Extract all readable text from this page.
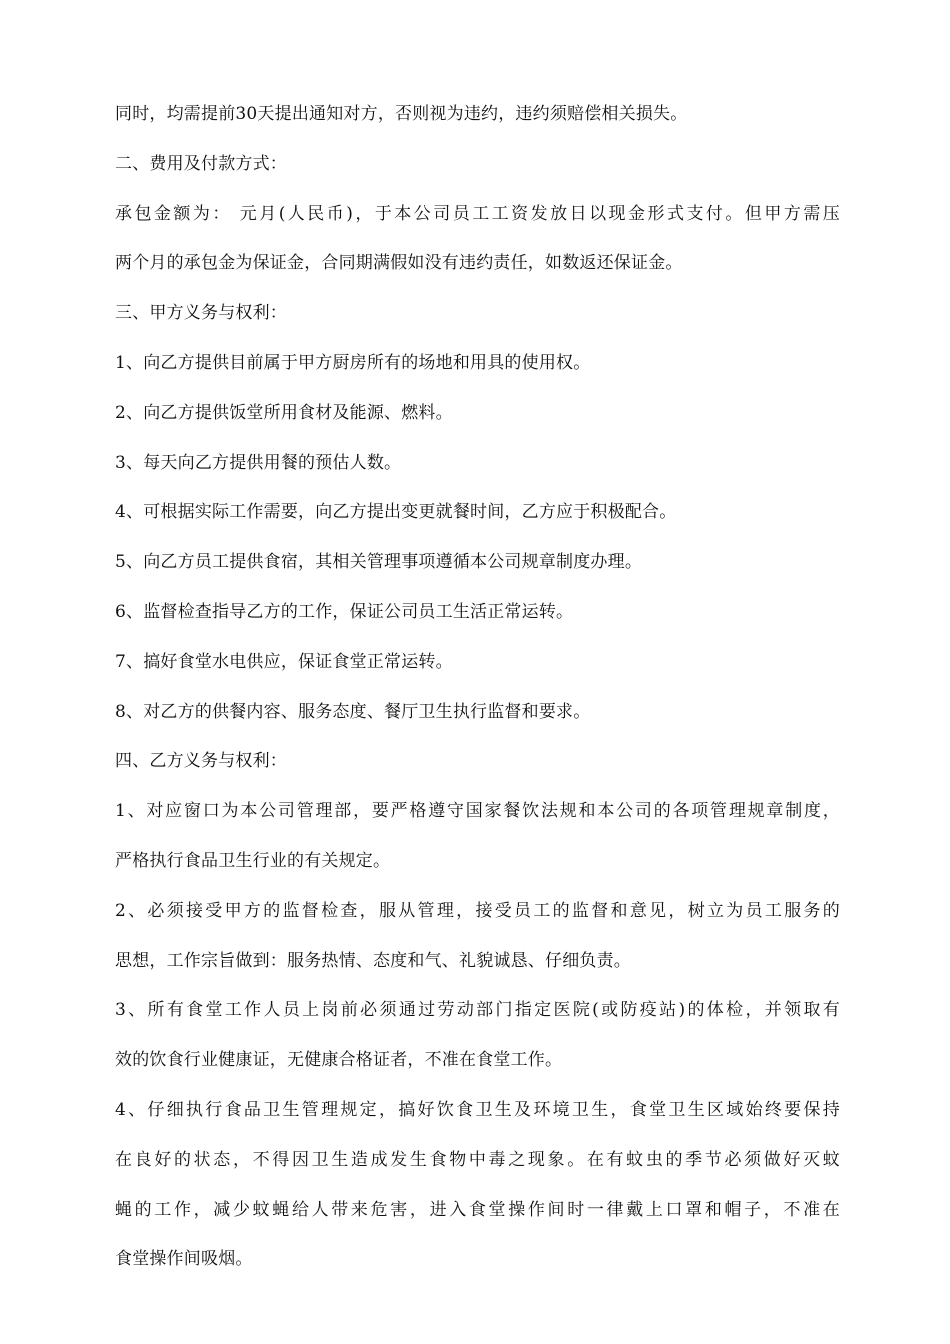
同时，均需提前30天提出通知对方，否则视为违约，违约须赔偿相关损失。
二、费用及付款方式：
承包金额为： 元月(人民币)，于本公司员工工资发放日以现金形式支付。但甲方需压
两个月的承包金为保证金，合同期满假如没有违约责任，如数返还保证金。
三、甲方义务与权利：
1、向乙方提供目前属于甲方厨房所有的场地和用具的使用权。
2、向乙方提供饭堂所用食材及能源、燃料。
3、每天向乙方提供用餐的预估人数。
4、可根据实际工作需要，向乙方提出变更就餐时间，乙方应于积极配合。
5、向乙方员工提供食宿，其相关管理事项遵循本公司规章制度办理。
6、监督检查指导乙方的工作，保证公司员工生活正常运转。
7、搞好食堂水电供应，保证食堂正常运转。
8、对乙方的供餐内容、服务态度、餐厅卫生执行监督和要求。
四、乙方义务与权利：
1、对应窗口为本公司管理部，要严格遵守国家餐饮法规和本公司的各项管理规章制度，
严格执行食品卫生行业的有关规定。
2、必须接受甲方的监督检查，服从管理，接受员工的监督和意见，树立为员工服务的
思想，工作宗旨做到：服务热情、态度和气、礼貌诚恳、仔细负责。
3、所有食堂工作人员上岗前必须通过劳动部门指定医院(或防疫站)的体检，并领取有
效的饮食行业健康证，无健康合格证者，不准在食堂工作。
4、仔细执行食品卫生管理规定，搞好饮食卫生及环境卫生，食堂卫生区域始终要保持
在良好的状态，不得因卫生造成发生食物中毒之现象。在有蚊虫的季节必须做好灭蚊
蝇的工作，减少蚊蝇给人带来危害，进入食堂操作间时一律戴上口罩和帽子，不准在
食堂操作间吸烟。
